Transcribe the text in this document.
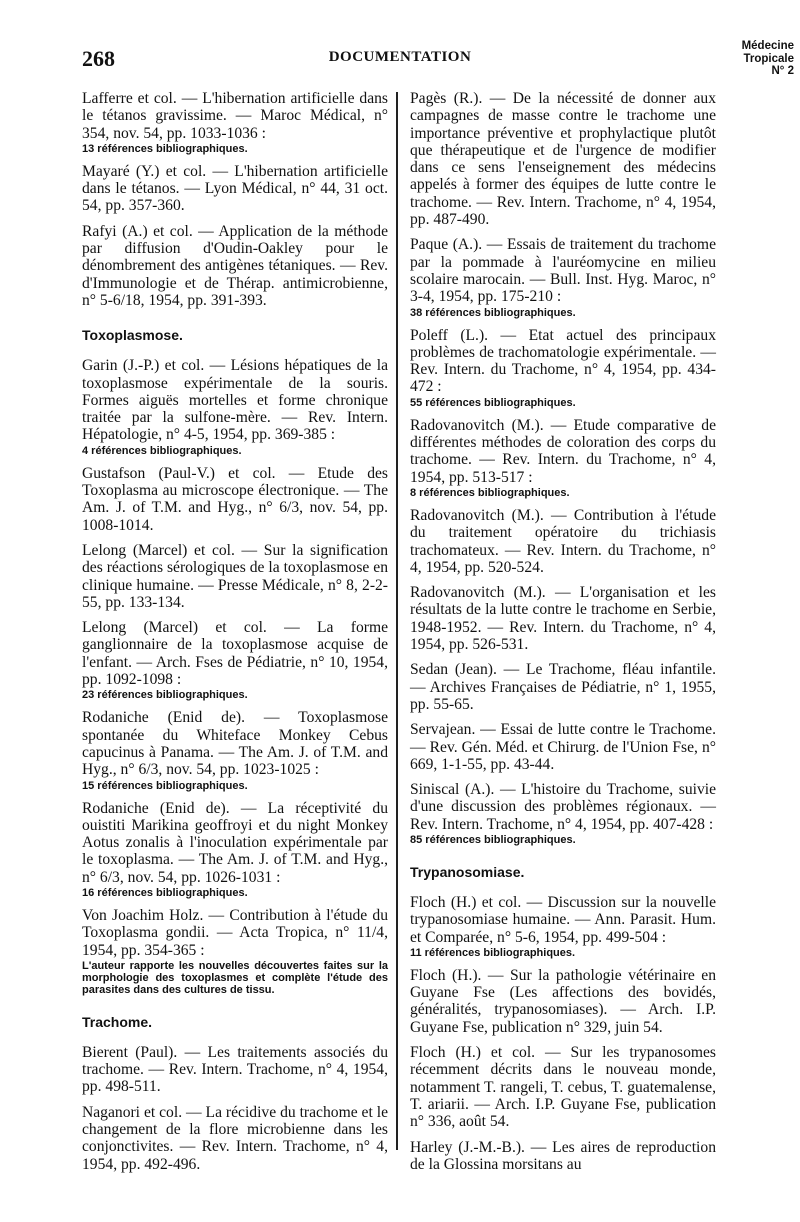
268	DOCUMENTATION
Médecine
Tropicale
N° 2
Lafferre et col. — L'hibernation artificielle dans le tétanos gravissime. — Maroc Médical, n° 354, nov. 54, pp. 1033-1036 :
13 références bibliographiques.
Mayaré (Y.) et col. — L'hibernation artificielle dans le tétanos. — Lyon Médical, n° 44, 31 oct. 54, pp. 357-360.
Rafyi (A.) et col. — Application de la méthode par diffusion d'Oudin-Oakley pour le dénombrement des antigènes tétaniques. — Rev. d'Immunologie et de Thérap. antimicrobienne, n° 5-6/18, 1954, pp. 391-393.
Toxoplasmose.
Garin (J.-P.) et col. — Lésions hépatiques de la toxoplasmose expérimentale de la souris. Formes aiguës mortelles et forme chronique traitée par la sulfone-mère. — Rev. Intern. Hépatologie, n° 4-5, 1954, pp. 369-385 :
4 références bibliographiques.
Gustafson (Paul-V.) et col. — Etude des Toxoplasma au microscope électronique. — The Am. J. of T.M. and Hyg., n° 6/3, nov. 54, pp. 1008-1014.
Lelong (Marcel) et col. — Sur la signification des réactions sérologiques de la toxoplasmose en clinique humaine. — Presse Médicale, n° 8, 2-2-55, pp. 133-134.
Lelong (Marcel) et col. — La forme ganglionnaire de la toxoplasmose acquise de l'enfant. — Arch. Fses de Pédiatrie, n° 10, 1954, pp. 1092-1098 :
23 références bibliographiques.
Rodaniche (Enid de). — Toxoplasmose spontanée du Whiteface Monkey Cebus capucinus à Panama. — The Am. J. of T.M. and Hyg., n° 6/3, nov. 54, pp. 1023-1025 :
15 références bibliographiques.
Rodaniche (Enid de). — La réceptivité du ouistiti Marikina geoffroyi et du night Monkey Aotus zonalis à l'inoculation expérimentale par le toxoplasma. — The Am. J. of T.M. and Hyg., n° 6/3, nov. 54, pp. 1026-1031 :
16 références bibliographiques.
Von Joachim Holz. — Contribution à l'étude du Toxoplasma gondii. — Acta Tropica, n° 11/4, 1954, pp. 354-365 :
L'auteur rapporte les nouvelles découvertes faites sur la morphologie des toxoplasmes et complète l'étude des parasites dans des cultures de tissu.
Trachome.
Bierent (Paul). — Les traitements associés du trachome. — Rev. Intern. Trachome, n° 4, 1954, pp. 498-511.
Naganori et col. — La récidive du trachome et le changement de la flore microbienne dans les conjonctivites. — Rev. Intern. Trachome, n° 4, 1954, pp. 492-496.
Pagès (R.). — De la nécessité de donner aux campagnes de masse contre le trachome une importance préventive et prophylactique plutôt que thérapeutique et de l'urgence de modifier dans ce sens l'enseignement des médecins appelés à former des équipes de lutte contre le trachome. — Rev. Intern. Trachome, n° 4, 1954, pp. 487-490.
Paque (A.). — Essais de traitement du trachome par la pommade à l'auréomycine en milieu scolaire marocain. — Bull. Inst. Hyg. Maroc, n° 3-4, 1954, pp. 175-210 :
38 références bibliographiques.
Poleff (L.). — Etat actuel des principaux problèmes de trachomatologie expérimentale. — Rev. Intern. du Trachome, n° 4, 1954, pp. 434-472 :
55 références bibliographiques.
Radovanovitch (M.). — Etude comparative de différentes méthodes de coloration des corps du trachome. — Rev. Intern. du Trachome, n° 4, 1954, pp. 513-517 :
8 références bibliographiques.
Radovanovitch (M.). — Contribution à l'étude du traitement opératoire du trichiasis trachomateux. — Rev. Intern. du Trachome, n° 4, 1954, pp. 520-524.
Radovanovitch (M.). — L'organisation et les résultats de la lutte contre le trachome en Serbie, 1948-1952. — Rev. Intern. du Trachome, n° 4, 1954, pp. 526-531.
Sedan (Jean). — Le Trachome, fléau infantile. — Archives Françaises de Pédiatrie, n° 1, 1955, pp. 55-65.
Servajean. — Essai de lutte contre le Trachome. — Rev. Gén. Méd. et Chirurg. de l'Union Fse, n° 669, 1-1-55, pp. 43-44.
Siniscal (A.). — L'histoire du Trachome, suivie d'une discussion des problèmes régionaux. — Rev. Intern. Trachome, n° 4, 1954, pp. 407-428 :
85 références bibliographiques.
Trypanosomiase.
Floch (H.) et col. — Discussion sur la nouvelle trypanosomiase humaine. — Ann. Parasit. Hum. et Comparée, n° 5-6, 1954, pp. 499-504 :
11 références bibliographiques.
Floch (H.). — Sur la pathologie vétérinaire en Guyane Fse (Les affections des bovidés, généralités, trypanosomiases). — Arch. I.P. Guyane Fse, publication n° 329, juin 54.
Floch (H.) et col. — Sur les trypanosomes récemment décrits dans le nouveau monde, notamment T. rangeli, T. cebus, T. guatemalense, T. ariarii. — Arch. I.P. Guyane Fse, publication n° 336, août 54.
Harley (J.-M.-B.). — Les aires de reproduction de la Glossina morsitans au
